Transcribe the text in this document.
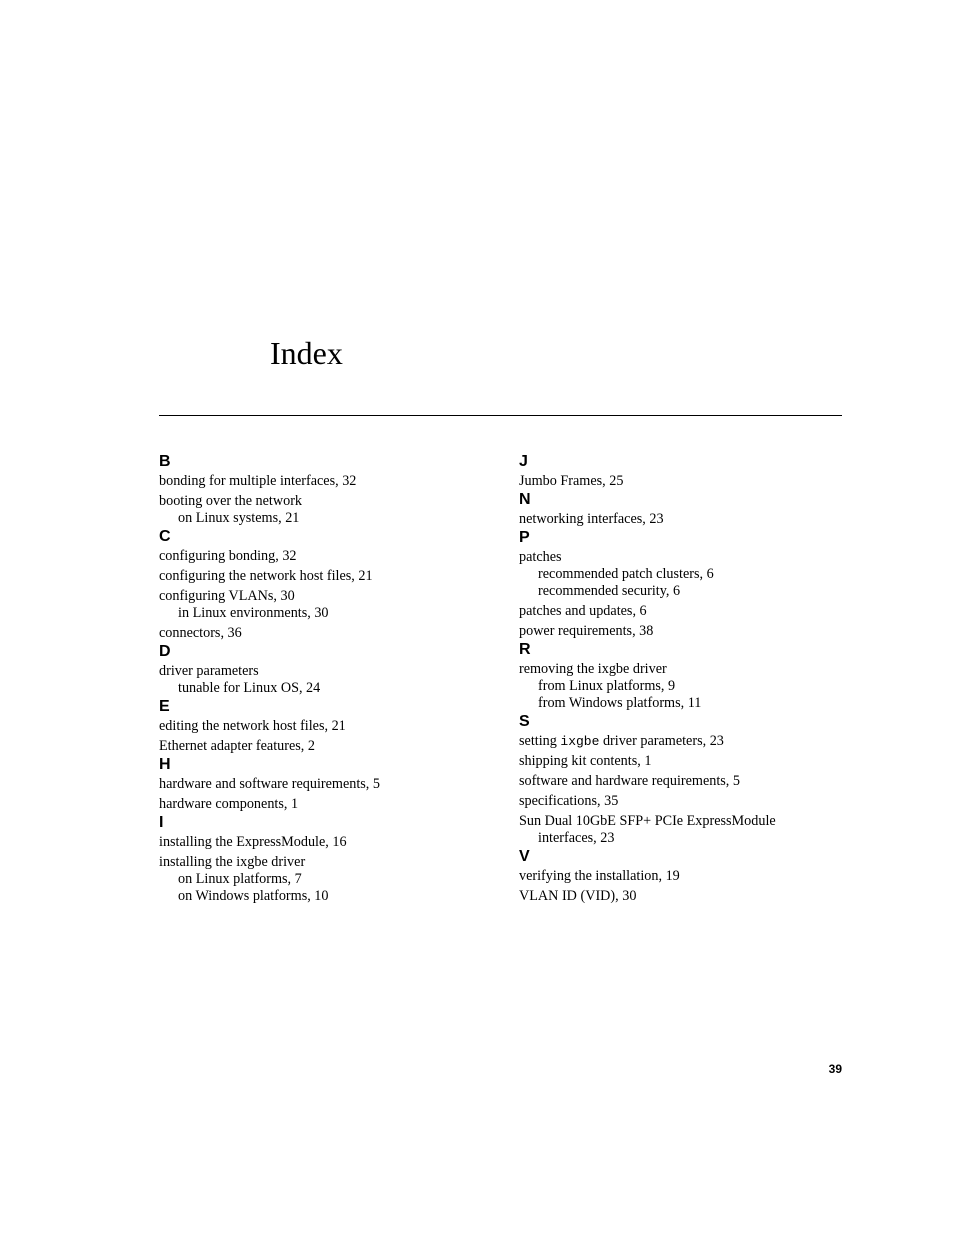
Index
B
bonding for multiple interfaces, 32
booting over the network
on Linux systems, 21
C
configuring bonding, 32
configuring the network host files, 21
configuring VLANs, 30
in Linux environments, 30
connectors, 36
D
driver parameters
tunable for Linux OS, 24
E
editing the network host files, 21
Ethernet adapter features, 2
H
hardware and software requirements, 5
hardware components, 1
I
installing the ExpressModule, 16
installing the ixgbe driver
on Linux platforms, 7
on Windows platforms, 10
J
Jumbo Frames, 25
N
networking interfaces, 23
P
patches
recommended patch clusters, 6
recommended security, 6
patches and updates, 6
power requirements, 38
R
removing the ixgbe driver
from Linux platforms, 9
from Windows platforms, 11
S
setting ixgbe driver parameters, 23
shipping kit contents, 1
software and hardware requirements, 5
specifications, 35
Sun Dual 10GbE SFP+ PCIe ExpressModule
interfaces, 23
V
verifying the installation, 19
VLAN ID (VID), 30
39
